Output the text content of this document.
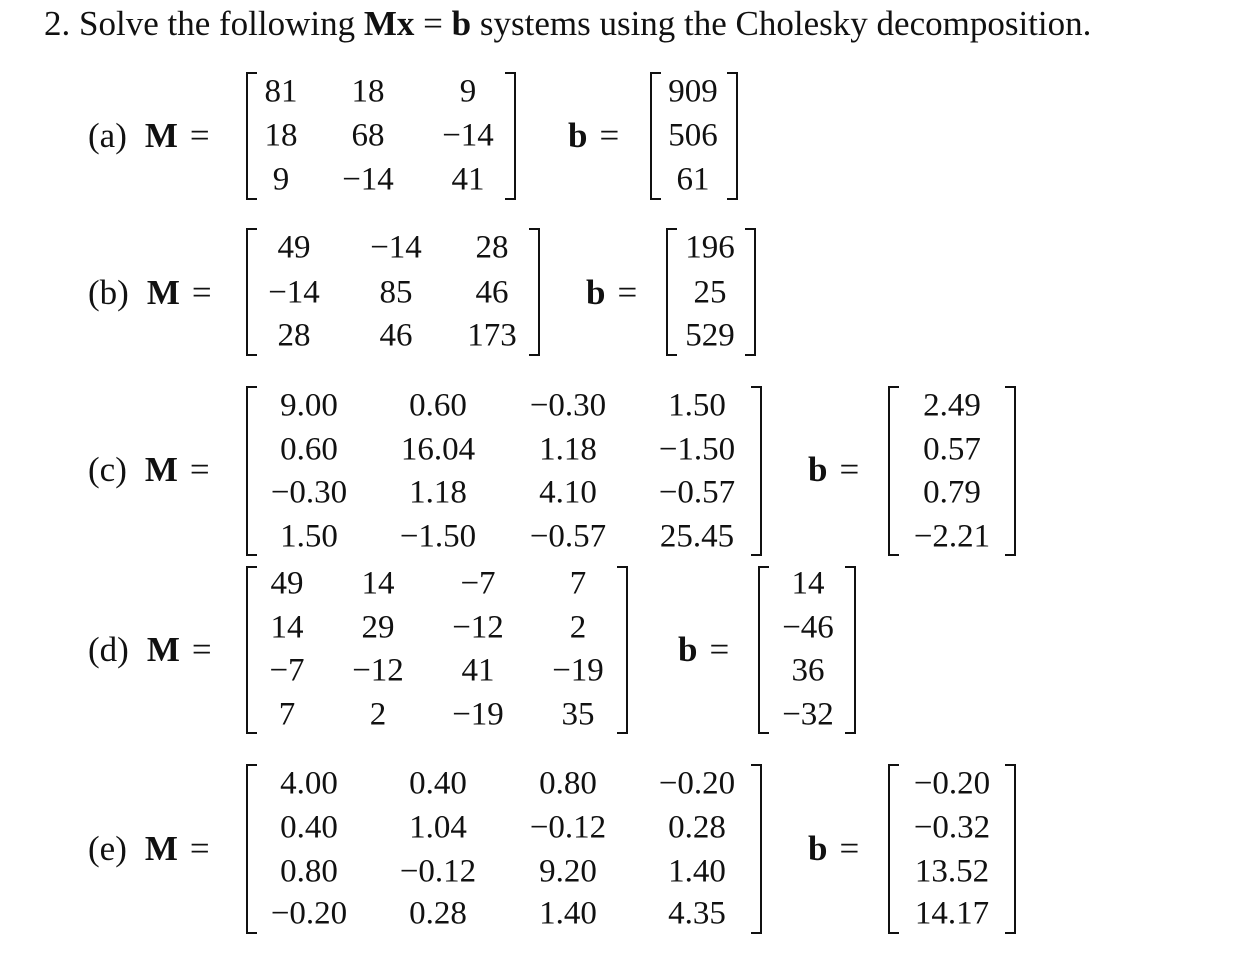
2. Solve the following Mx = b systems using the Cholesky decomposition.
(a) M =
81 18 9
18 68 −14
9 −14 41
b =
909
506
61
(b) M =
49 −14 28
−14 85 46
28 46 173
b =
196
25
529
(c) M =
9.00 0.60 −0.30 1.50
0.60 16.04 1.18 −1.50
−0.30 1.18 4.10 −0.57
1.50 −1.50 −0.57 25.45
b =
2.49
0.57
0.79
−2.21
(d) M =
49 14 −7 7
14 29 −12 2
−7 −12 41 −19
7 2 −19 35
b =
14
−46
36
−32
(e) M =
4.00 0.40 0.80 −0.20
0.40 1.04 −0.12 0.28
0.80 −0.12 9.20 1.40
−0.20 0.28 1.40 4.35
b =
−0.20
−0.32
13.52
14.17
